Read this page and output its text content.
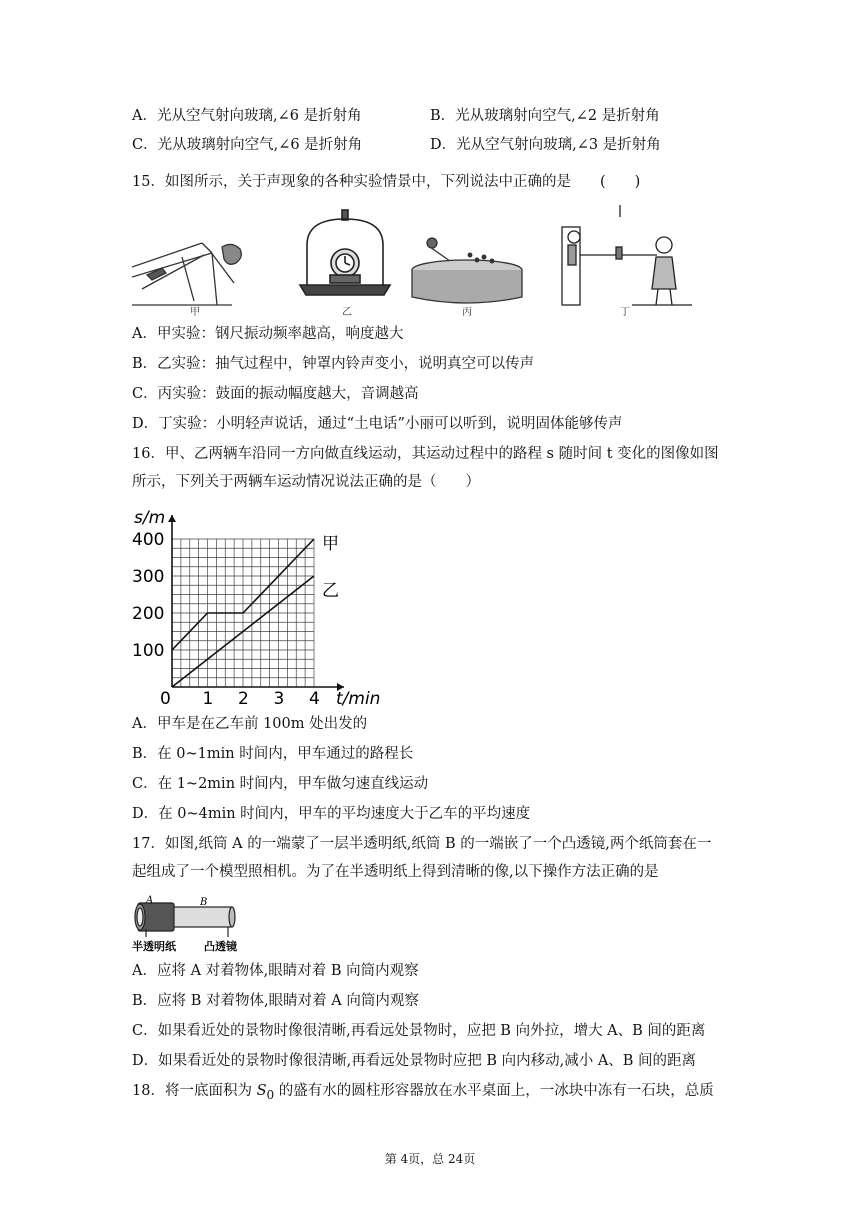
A．光从空气射向玻璃,∠6 是折射角	B．光从玻璃射向空气,∠2 是折射角
C．光从玻璃射向空气,∠6 是折射角	D．光从空气射向玻璃,∠3 是折射角
15．如图所示，关于声现象的各种实验情景中，下列说法中正确的是　　(　　)
甲	乙	丙	丁
A．甲实验：钢尺振动频率越高，响度越大
B．乙实验：抽气过程中，钟罩内铃声变小，说明真空可以传声
C．丙实验：鼓面的振动幅度越大，音调越高
D．丁实验：小明轻声说话，通过“土电话”小丽可以听到，说明固体能够传声
16．甲、乙两辆车沿同一方向做直线运动，其运动过程中的路程 s 随时间 t 变化的图像如图
所示，下列关于两辆车运动情况说法正确的是（　　）
0 1 2 3 4
100
200
300
400	甲
乙
s/m
t/min
A．甲车是在乙车前 100m 处出发的
B．在 0~1min 时间内，甲车通过的路程长
C．在 1~2min 时间内，甲车做匀速直线运动
D．在 0~4min 时间内，甲车的平均速度大于乙车的平均速度
17．如图,纸筒 A 的一端蒙了一层半透明纸,纸筒 B 的一端嵌了一个凸透镜,两个纸筒套在一
起组成了一个模型照相机。为了在半透明纸上得到清晰的像,以下操作方法正确的是
A	B
半透明纸	凸透镜
A．应将 A 对着物体,眼睛对着 B 向筒内观察
B．应将 B 对着物体,眼睛对着 A 向筒内观察
C．如果看近处的景物时像很清晰,再看远处景物时，应把 B 向外拉，增大 A、B 间的距离
D．如果看近处的景物时像很清晰,再看远处景物时应把 B 向内移动,减小 A、B 间的距离
18．将一底面积为 $S_0$ 的盛有水的圆柱形容器放在水平桌面上，一冰块中冻有一石块，总质
第 4页，总 24页
